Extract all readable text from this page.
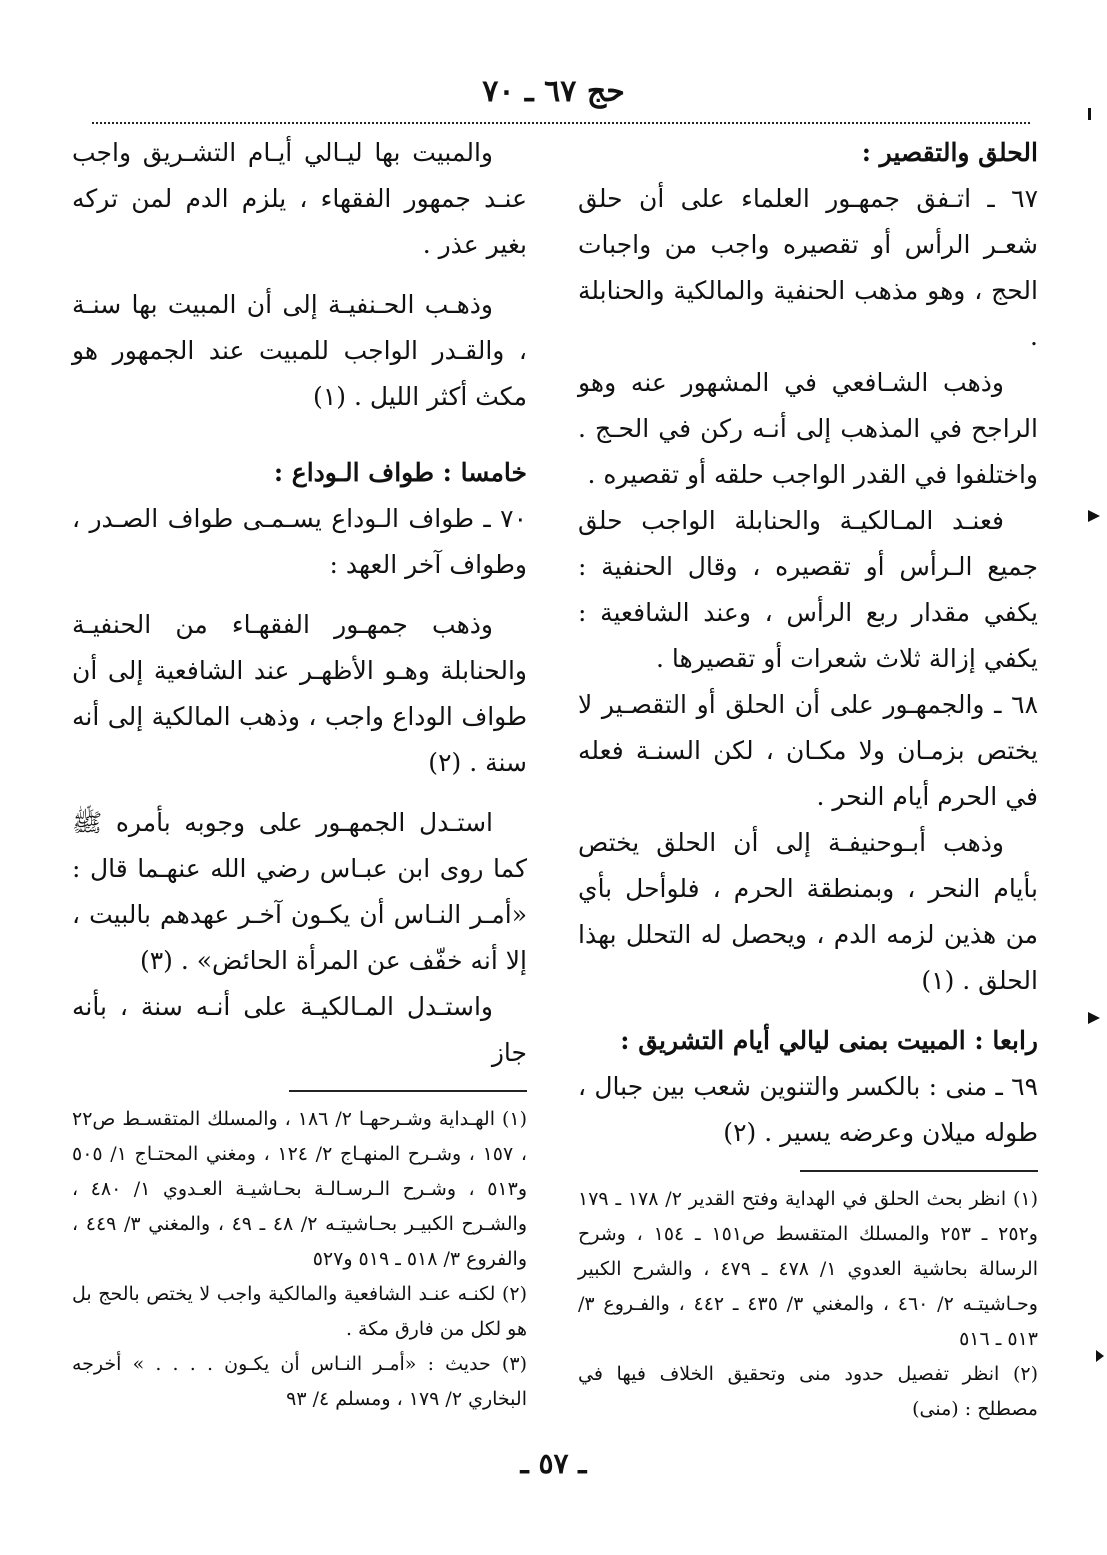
حج ٦٧ ـ ٧٠

الحلق والتقصير :

٦٧ ـ اتـفق جمهـور العلماء على أن حلق شعـر الرأس أو تقصيره واجب من واجبات الحج ، وهو مذهب الحنفية والمالكية والحنابلة .

وذهب الشـافعي في المشهور عنه وهو الراجح في المذهب إلى أنـه ركن في الحـج . واختلفوا في القدر الواجب حلقه أو تقصيره .

فعنـد المـالكيـة والحنابلة الواجب حلق جميع الـرأس أو تقصيره ، وقال الحنفية : يكفي مقدار ربع الرأس ، وعند الشافعية : يكفي إزالة ثلاث شعرات أو تقصيرها .

٦٨ ـ والجمهـور على أن الحلق أو التقصـير لا يختص بزمـان ولا مكـان ، لكن السنـة فعله في الحرم أيام النحر .

وذهب أبـوحنيفـة إلى أن الحلق يختص بأيام النحر ، وبمنطقة الحرم ، فلوأحل بأي من هذين لزمه الدم ، ويحصل له التحلل بهذا الحلق . (١)

رابعا : المبيت بمنى ليالي أيام التشريق :

٦٩ ـ منى : بالكسر والتنوين شعب بين جبال ، طوله ميلان وعرضه يسير . (٢)

(١) انظر بحث الحلق في الهداية وفتح القدير ٢/ ١٧٨ ـ ١٧٩ و٢٥٢ ـ ٢٥٣ والمسلك المتقسط ص١٥١ ـ ١٥٤ ، وشرح الرسالة بحاشية العدوي ١/ ٤٧٨ ـ ٤٧٩ ، والشرح الكبير وحـاشيتـه ٢/ ٤٦٠ ، والمغني ٣/ ٤٣٥ ـ ٤٤٢ ، والفـروع ٣/ ٥١٣ ـ ٥١٦

(٢) انظر تفصيل حدود منى وتحقيق الخلاف فيها في مصطلح : (منى)

والمبيت بها ليـالي أيـام التشـريق واجب عنـد جمهور الفقهاء ، يلزم الدم لمن تركه بغير عذر .

وذهـب الحـنفيـة إلى أن المبيت بها سنـة ، والقـدر الواجب للمبيت عند الجمهور هو مكث أكثر الليل . (١)

خامسا : طواف الـوداع :

٧٠ ـ طواف الـوداع يسـمـى طواف الصـدر ، وطواف آخر العهد :

وذهب جمهـور الفقهـاء من الحنفيـة والحنابلة وهـو الأظهـر عند الشافعية إلى أن طواف الوداع واجب ، وذهب المالكية إلى أنه سنة . (٢)

استـدل الجمهـور على وجوبه بأمره ﷺ كما روى ابن عبـاس رضي الله عنهـما قال : «أمـر النـاس أن يكـون آخـر عهدهم بالبيت ، إلا أنه خفّف عن المرأة الحائض» . (٣)

واستـدل المـالكيـة على أنـه سنة ، بأنه جاز

(١) الهـداية وشـرحهـا ٢/ ١٨٦ ، والمسلك المتقسـط ص٢٢ ، ١٥٧ ، وشـرح المنهـاج ٢/ ١٢٤ ، ومغني المحتـاج ١/ ٥٠٥ و٥١٣ ، وشـرح الـرسـالـة بحـاشيـة العـدوي ١/ ٤٨٠ ، والشـرح الكبيـر بحـاشيتـه ٢/ ٤٨ ـ ٤٩ ، والمغني ٣/ ٤٤٩ ، والفروع ٣/ ٥١٨ ـ ٥١٩ و٥٢٧

(٢) لكنـه عنـد الشافعية والمالكية واجب لا يختص بالحج بل هو لكل من فارق مكة .

(٣) حديث : «أمـر النـاس أن يكـون . . . . » أخرجه البخاري ٢/ ١٧٩ ، ومسلم ٤/ ٩٣

ـ ٥٧ ـ
